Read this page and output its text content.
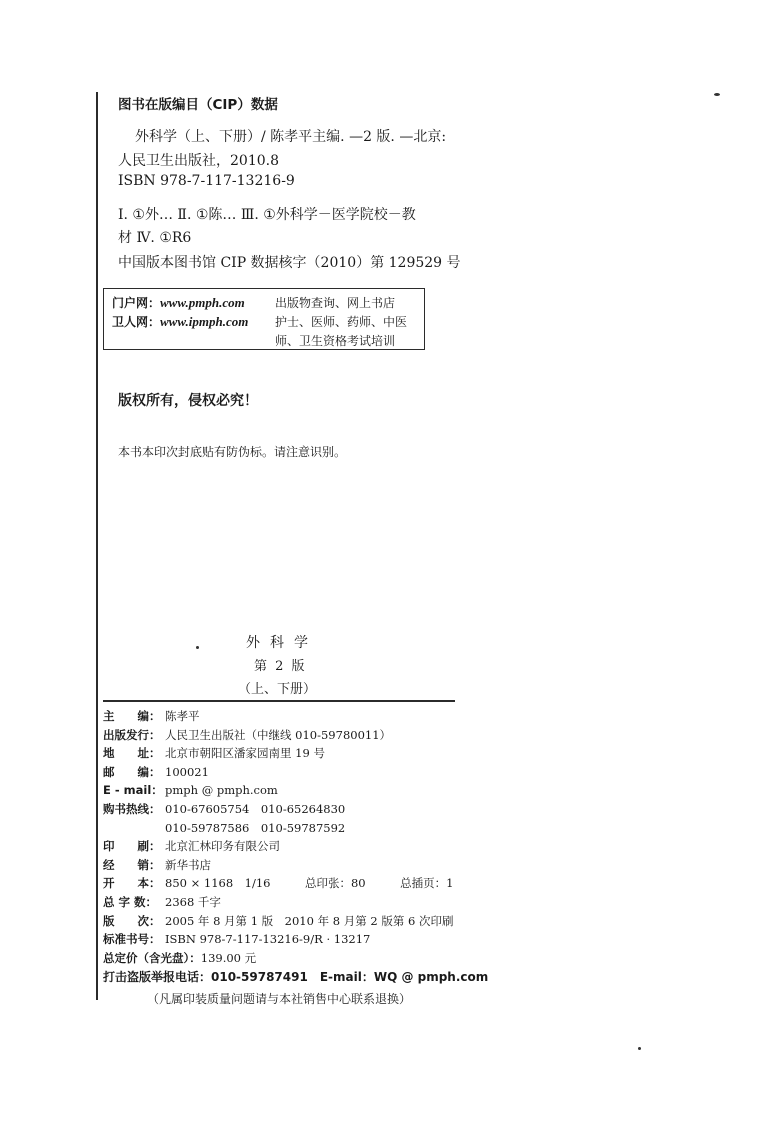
图书在版编目（CIP）数据
外科学（上、下册）/ 陈孝平主编. —2 版. —北京:
人民卫生出版社，2010.8
ISBN 978-7-117-13216-9
Ⅰ. ①外… Ⅱ. ①陈… Ⅲ. ①外科学－医学院校－教
材 Ⅳ. ①R6
中国版本图书馆 CIP 数据核字（2010）第 129529 号
门户网：www.pmph.com	出版物查询、网上书店
卫人网：www.ipmph.com 护士、医师、药师、中医
师、卫生资格考试培训
版权所有，侵权必究！
本书本印次封底贴有防伪标。请注意识别。
外科学
第 2 版
（上、下册）
主　　编： 陈孝平
出版发行： 人民卫生出版社（中继线 010-59780011）
地　　址： 北京市朝阳区潘家园南里 19 号
邮　　编： 100021
E - mail： pmph @ pmph.com
购书热线： 010-67605754　010-65264830
010-59787586　010-59787592
印　　刷： 北京汇林印务有限公司
经　　销： 新华书店
开　　本： 850 × 1168　1/16　　　总印张：80　　　总插页：1
总 字 数： 2368 千字
版　　次： 2005 年 8 月第 1 版　2010 年 8 月第 2 版第 6 次印刷
标准书号： ISBN 978-7-117-13216-9/R · 13217
总定价（含光盘）：139.00 元
打击盗版举报电话：010-59787491　E-mail：WQ @ pmph.com
（凡属印装质量问题请与本社销售中心联系退换）
